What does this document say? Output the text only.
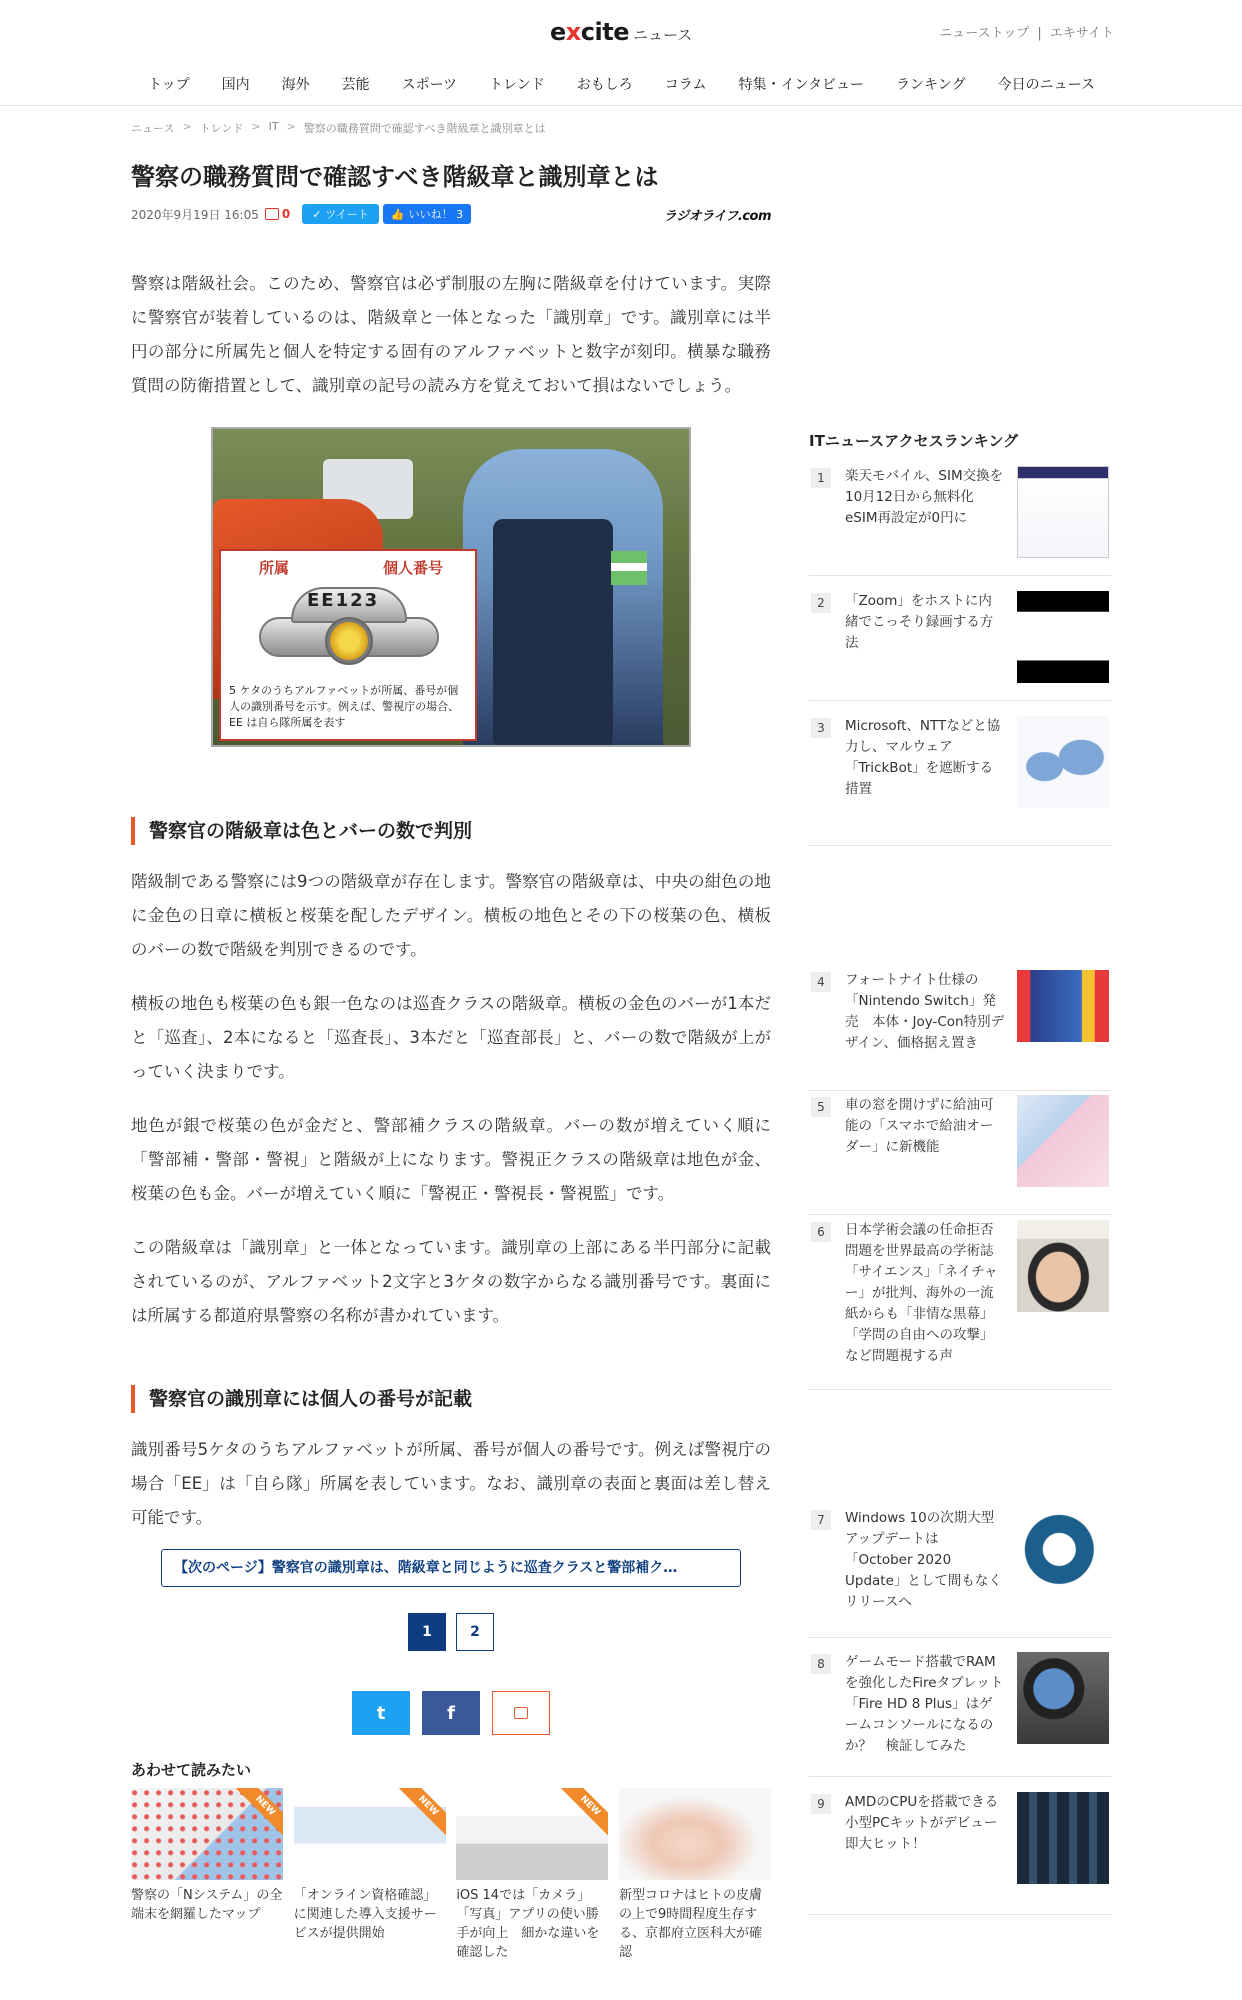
excite ニュース	ニューストップ | エキサイト
トップ 国内 海外 芸能 スポーツ トレンド おもしろ コラム 特集・インタビュー ランキング 今日のニュース
ニュース > トレンド > IT > 警察の職務質問で確認すべき階級章と識別章とは
警察の職務質問で確認すべき階級章と識別章とは
2020年9月19日 16:05 0 ✓ ツイート 👍 いいね！ 3	ラジオライフ.com

警察は階級社会。このため、警察官は必ず制服の左胸に階級章を付けています。実際に警察官が装着しているのは、階級章と一体となった「識別章」です。識別章には半円の部分に所属先と個人を特定する固有のアルファベットと数字が刻印。横暴な職務質問の防衛措置として、識別章の記号の読み方を覚えておいて損はないでしょう。

所属	個人番号
EE123

5 ケタのうちアルファベットが所属、番号が個人の識別番号を示す。例えば、警視庁の場合、EE は自ら隊所属を表す

警察官の階級章は色とバーの数で判別

階級制である警察には9つの階級章が存在します。警察官の階級章は、中央の紺色の地に金色の日章に横板と桜葉を配したデザイン。横板の地色とその下の桜葉の色、横板のバーの数で階級を判別できるのです。

横板の地色も桜葉の色も銀一色なのは巡査クラスの階級章。横板の金色のバーが1本だと「巡査」、2本になると「巡査長」、3本だと「巡査部長」と、バーの数で階級が上がっていく決まりです。

地色が銀で桜葉の色が金だと、警部補クラスの階級章。バーの数が増えていく順に「警部補・警部・警視」と階級が上になります。警視正クラスの階級章は地色が金、桜葉の色も金。バーが増えていく順に「警視正・警視長・警視監」です。

この階級章は「識別章」と一体となっています。識別章の上部にある半円部分に記載されているのが、アルファベット2文字と3ケタの数字からなる識別番号です。裏面には所属する都道府県警察の名称が書かれています。

警察官の識別章には個人の番号が記載

識別番号5ケタのうちアルファベットが所属、番号が個人の番号です。例えば警視庁の場合「EE」は「自ら隊」所属を表しています。なお、識別章の表面と裏面は差し替え可能です。

【次のページ】警察官の識別章は、階級章と同じように巡査クラスと警部補ク…
1	2
t	f
あわせて読みたい
NEW

警察の「Nシステム」の全端末を網羅したマップ

NEW

「オンライン資格確認」に関連した導入支援サービスが提供開始

NEW

iOS 14では「カメラ」「写真」アプリの使い勝手が向上　細かな違いを確認した

新型コロナはヒトの皮膚の上で9時間程度生存する、京都府立医科大が確認

ITニュースアクセスランキング
1	楽天モバイル、SIM交換を10月12日から無料化 eSIM再設定が0円に

2	「Zoom」をホストに内緒でこっそり録画する方法

3	Microsoft、NTTなどと協力し、マルウェア「TrickBot」を遮断する措置

4	フォートナイト仕様の「Nintendo Switch」発売　本体・Joy-Con特別デザイン、価格据え置き

5	車の窓を開けずに給油可能の「スマホで給油オーダー」に新機能

6	日本学術会議の任命拒否問題を世界最高の学術誌「サイエンス」「ネイチャー」が批判、海外の一流紙からも「非情な黒幕」「学問の自由への攻撃」など問題視する声

7	Windows 10の次期大型アップデートは「October 2020 Update」として間もなくリリースへ

8	ゲームモード搭載でRAMを強化したFireタブレット「Fire HD 8 Plus」はゲームコンソールになるのか？　検証してみた

9	AMDのCPUを搭載できる小型PCキットがデビュー即大ヒット！
